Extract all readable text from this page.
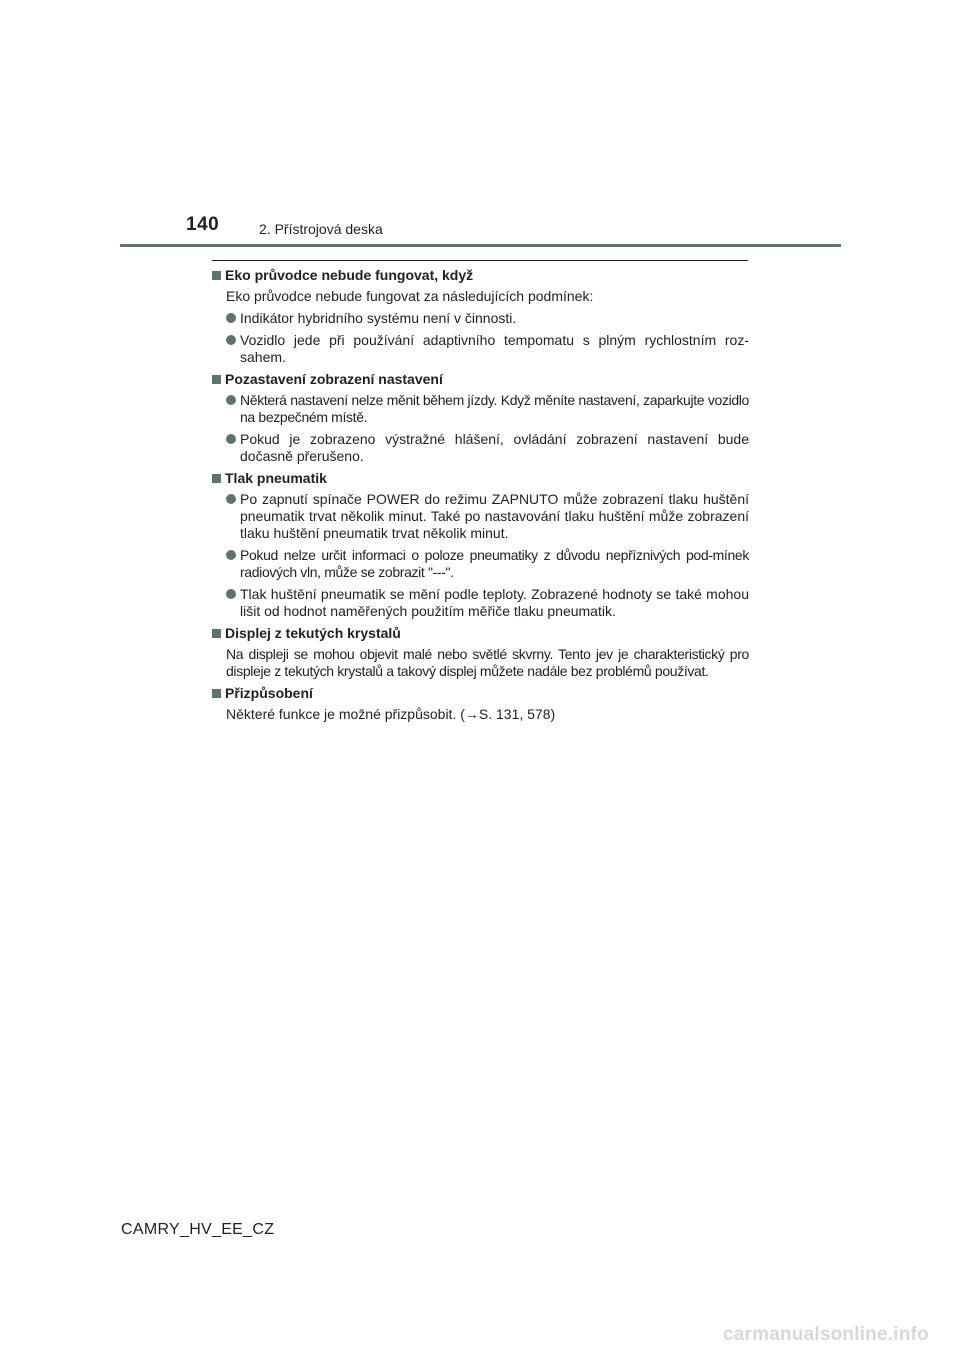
140	2. Přístrojová deska
Eko průvodce nebude fungovat, když
Eko průvodce nebude fungovat za následujících podmínek:
Indikátor hybridního systému není v činnosti.
Vozidlo jede při používání adaptivního tempomatu s plným rychlostním roz-sahem.
Pozastavení zobrazení nastavení
Některá nastavení nelze měnit během jízdy. Když měníte nastavení, zaparkujte vozidlo na bezpečném místě.
Pokud je zobrazeno výstražné hlášení, ovládání zobrazení nastavení bude dočasně přerušeno.
Tlak pneumatik
Po zapnutí spínače POWER do režimu ZAPNUTO může zobrazení tlaku huštění pneumatik trvat několik minut. Také po nastavování tlaku huštění může zobrazení tlaku huštění pneumatik trvat několik minut.
Pokud nelze určit informaci o poloze pneumatiky z důvodu nepříznivých pod-mínek radiových vln, může se zobrazit "---".
Tlak huštění pneumatik se mění podle teploty. Zobrazené hodnoty se také mohou lišit od hodnot naměřených použitím měřiče tlaku pneumatik.
Displej z tekutých krystalů
Na displeji se mohou objevit malé nebo světlé skvrny. Tento jev je charakteristický pro displeje z tekutých krystalů a takový displej můžete nadále bez problémů používat.
Přizpůsobení
Některé funkce je možné přizpůsobit. (→S. 131, 578)
CAMRY_HV_EE_CZ
carmanualsonline.info
